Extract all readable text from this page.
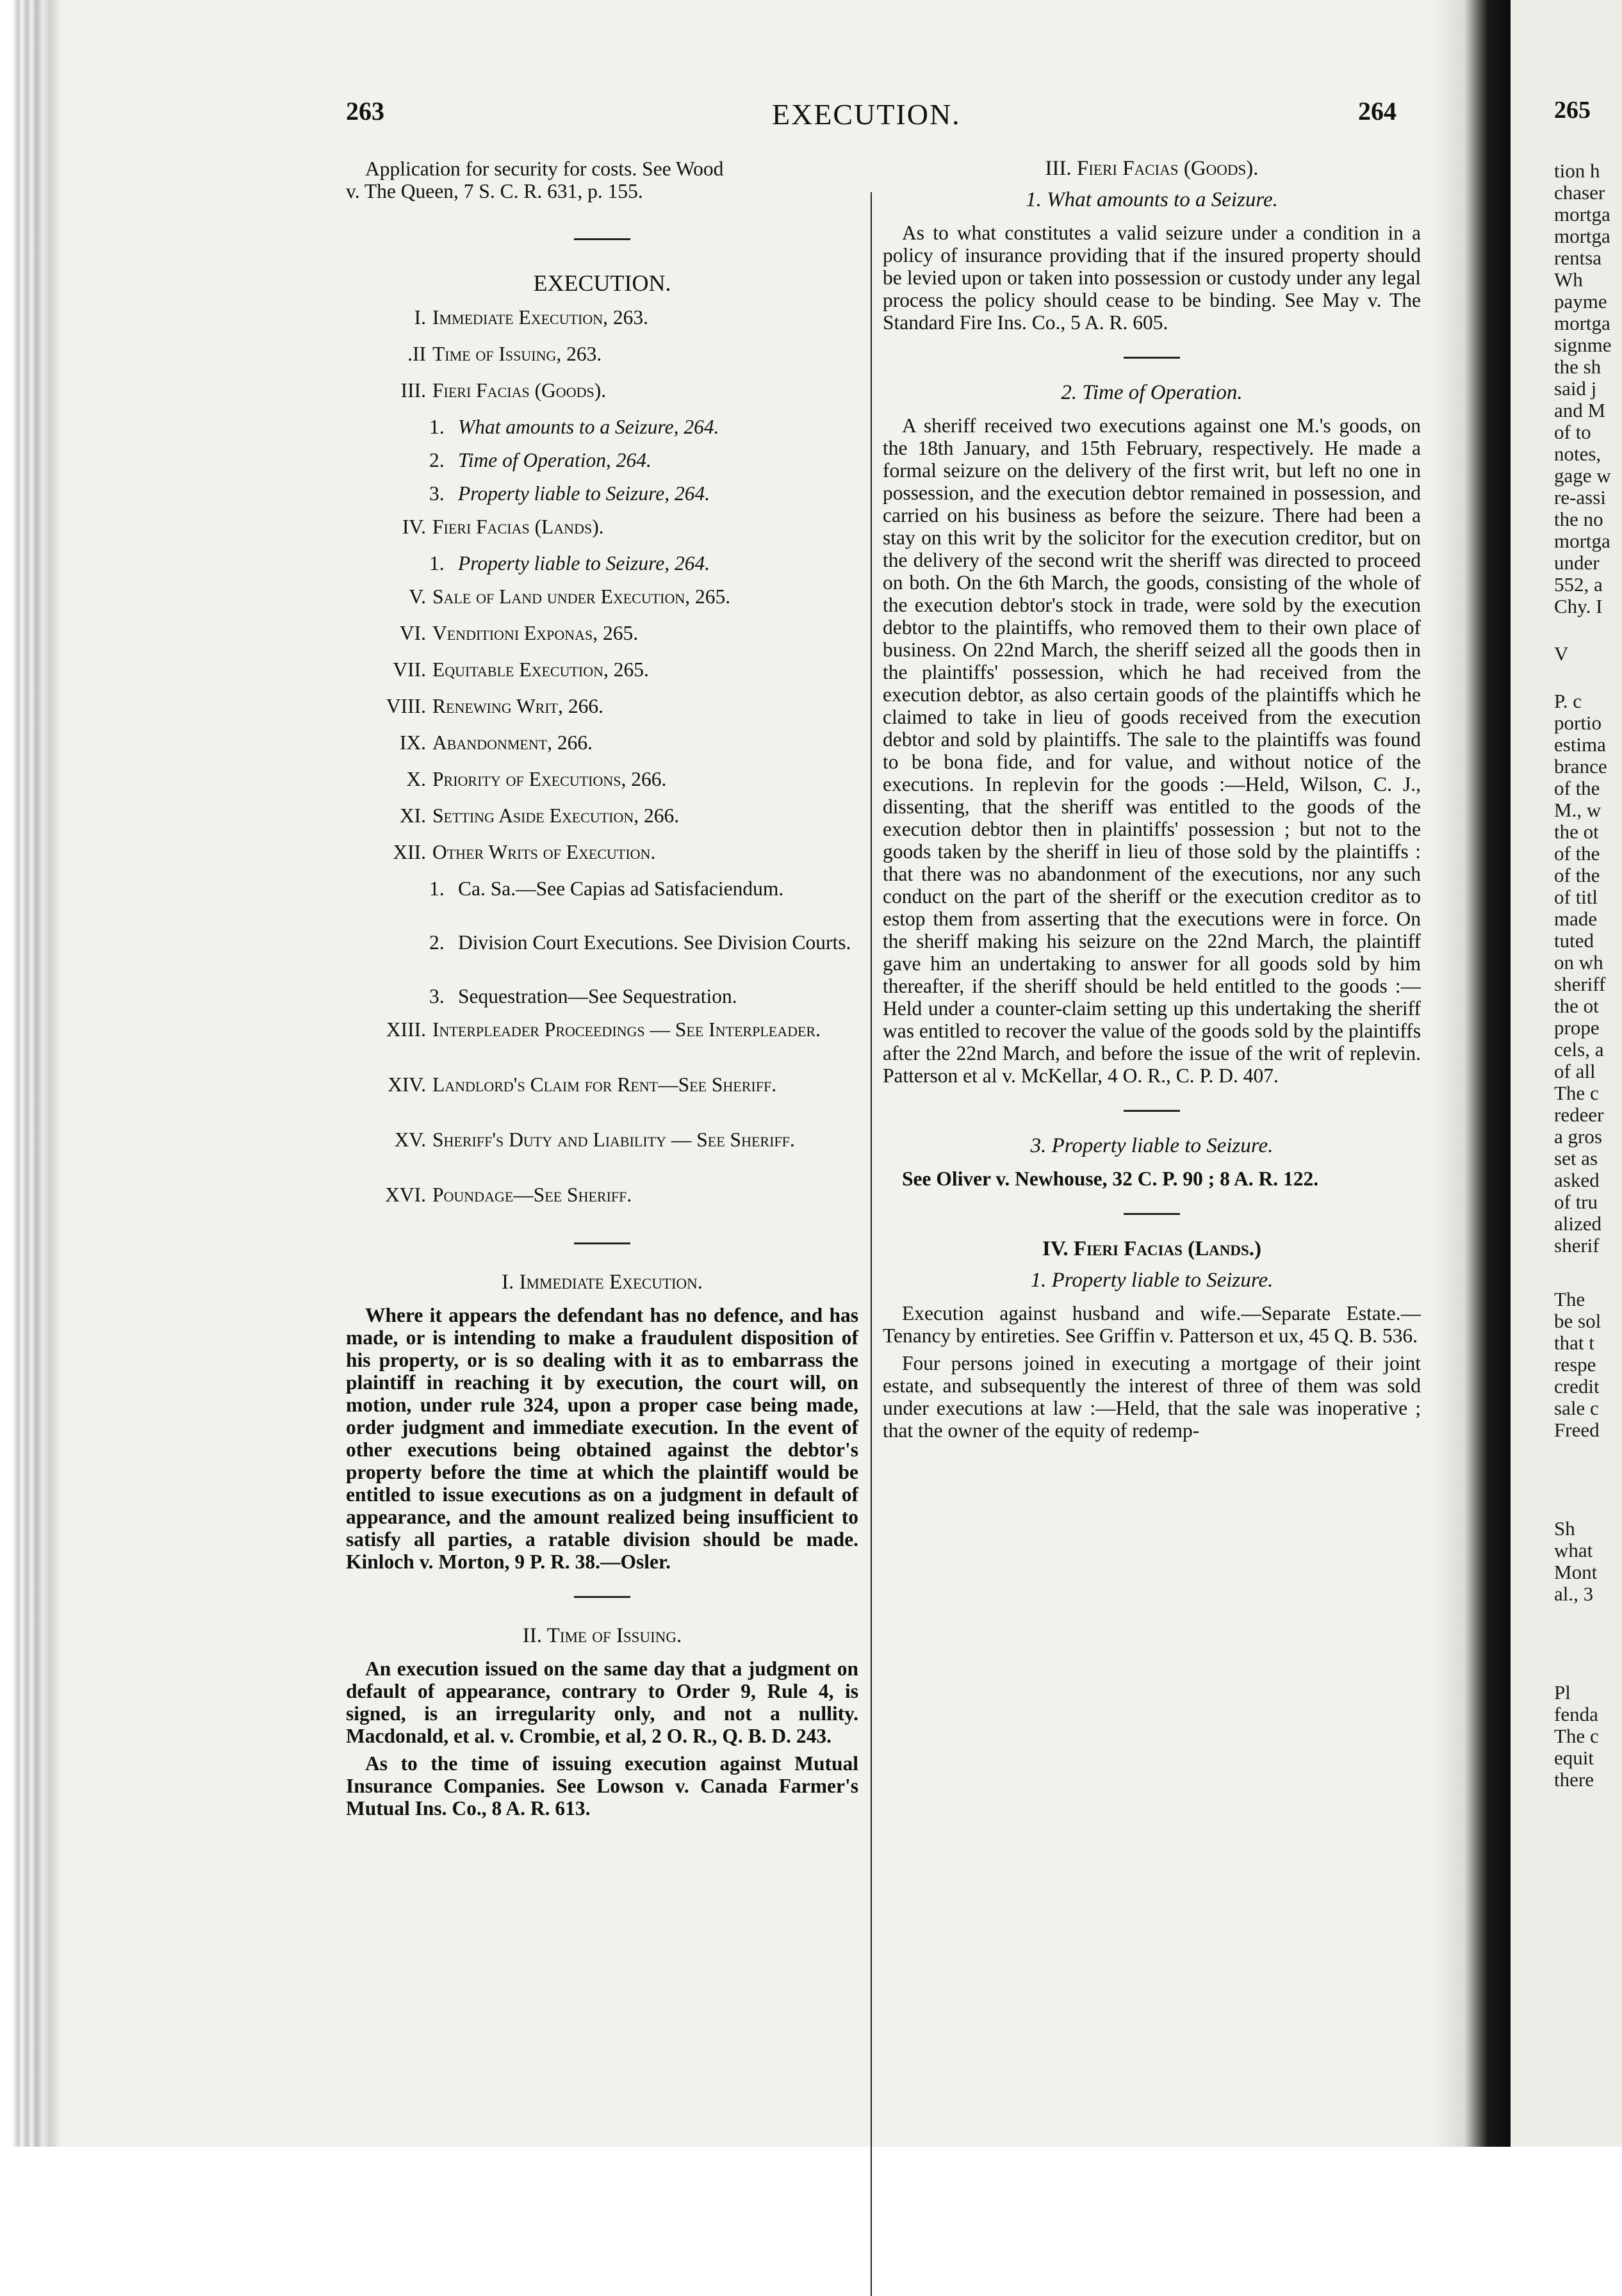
263	EXECUTION.	264

Application for security for costs. See Wood

v. The Queen, 7 S. C. R. 631, p. 155.

EXECUTION.
I. Immediate Execution, 263.
.II Time of Issuing, 263.
III. Fieri Facias (Goods).
1. What amounts to a Seizure, 264.
2. Time of Operation, 264.
3. Property liable to Seizure, 264.
IV. Fieri Facias (Lands).
1. Property liable to Seizure, 264.
V. Sale of Land under Execution, 265.
VI. Venditioni Exponas, 265.
VII. Equitable Execution, 265.
VIII. Renewing Writ, 266.
IX. Abandonment, 266.
X. Priority of Executions, 266.
XI. Setting Aside Execution, 266.
XII. Other Writs of Execution.
1. Ca. Sa.—See Capias ad Satisfaciendum.
2. Division Court Executions. See Division Courts.
3. Sequestration—See Sequestration.
XIII. Interpleader Proceedings — See Interpleader.
XIV. Landlord's Claim for Rent—See Sheriff.
XV. Sheriff's Duty and Liability — See Sheriff.
XVI. Poundage—See Sheriff.
I. Immediate Execution.

Where it appears the defendant has no defence, and has made, or is intending to make a fraudulent disposition of his property, or is so dealing with it as to embarrass the plaintiff in reaching it by execution, the court will, on motion, under rule 324, upon a proper case being made, order judgment and immediate execution. In the event of other executions being obtained against the debtor's property before the time at which the plaintiff would be entitled to issue executions as on a judgment in default of appearance, and the amount realized being insufficient to satisfy all parties, a ratable division should be made. Kinloch v. Morton, 9 P. R. 38.—Osler.

II. Time of Issuing.

An execution issued on the same day that a judgment on default of appearance, contrary to Order 9, Rule 4, is signed, is an irregularity only, and not a nullity. Macdonald, et al. v. Crombie, et al, 2 O. R., Q. B. D. 243.

As to the time of issuing execution against Mutual Insurance Companies. See Lowson v. Canada Farmer's Mutual Ins. Co., 8 A. R. 613.

III. Fieri Facias (Goods).
1. What amounts to a Seizure.

As to what constitutes a valid seizure under a condition in a policy of insurance providing that if the insured property should be levied upon or taken into possession or custody under any legal process the policy should cease to be binding. See May v. The Standard Fire Ins. Co., 5 A. R. 605.

2. Time of Operation.

A sheriff received two executions against one M.'s goods, on the 18th January, and 15th February, respectively. He made a formal seizure on the delivery of the first writ, but left no one in possession, and the execution debtor remained in possession, and carried on his business as before the seizure. There had been a stay on this writ by the solicitor for the execution creditor, but on the delivery of the second writ the sheriff was directed to proceed on both. On the 6th March, the goods, consisting of the whole of the execution debtor's stock in trade, were sold by the execution debtor to the plaintiffs, who removed them to their own place of business. On 22nd March, the sheriff seized all the goods then in the plaintiffs' possession, which he had received from the execution debtor, as also certain goods of the plaintiffs which he claimed to take in lieu of goods received from the execution debtor and sold by plaintiffs. The sale to the plaintiffs was found to be bona fide, and for value, and without notice of the executions. In replevin for the goods :—Held, Wilson, C. J., dissenting, that the sheriff was entitled to the goods of the execution debtor then in plaintiffs' possession ; but not to the goods taken by the sheriff in lieu of those sold by the plaintiffs : that there was no abandonment of the executions, nor any such conduct on the part of the sheriff or the execution creditor as to estop them from asserting that the executions were in force. On the sheriff making his seizure on the 22nd March, the plaintiff gave him an undertaking to answer for all goods sold by him thereafter, if the sheriff should be held entitled to the goods :—Held under a counter-claim setting up this undertaking the sheriff was entitled to recover the value of the goods sold by the plaintiffs after the 22nd March, and before the issue of the writ of replevin. Patterson et al v. McKellar, 4 O. R., C. P. D. 407.

3. Property liable to Seizure.

See Oliver v. Newhouse, 32 C. P. 90 ; 8 A. R. 122.

IV. Fieri Facias (Lands.)
1. Property liable to Seizure.

Execution against husband and wife.—Separate Estate.—Tenancy by entireties. See Griffin v. Patterson et ux, 45 Q. B. 536.

Four persons joined in executing a mortgage of their joint estate, and subsequently the interest of three of them was sold under executions at law :—Held, that the sale was inoperative ; that the owner of the equity of redemp-

265
tion h
chaser
mortga
mortga
rentsa
Wh
payme
mortga
signme
the sh
said j
and M
of to
notes,
gage w
re-assi
the no
mortga
under
552, a
Chy. I
V
P. c
portio
estima
brance
of the
M., w
the ot
of the
of the
of titl
made
tuted
on wh
sheriff
the ot
prope
cels, a
of all
The c
redeer
a gros
set as
asked
of tru
alized
sherif
The
be sol
that t
respe
credit
sale c
Freed
Sh
what
Mont
al., 3
Pl
fenda
The c
equit
there
